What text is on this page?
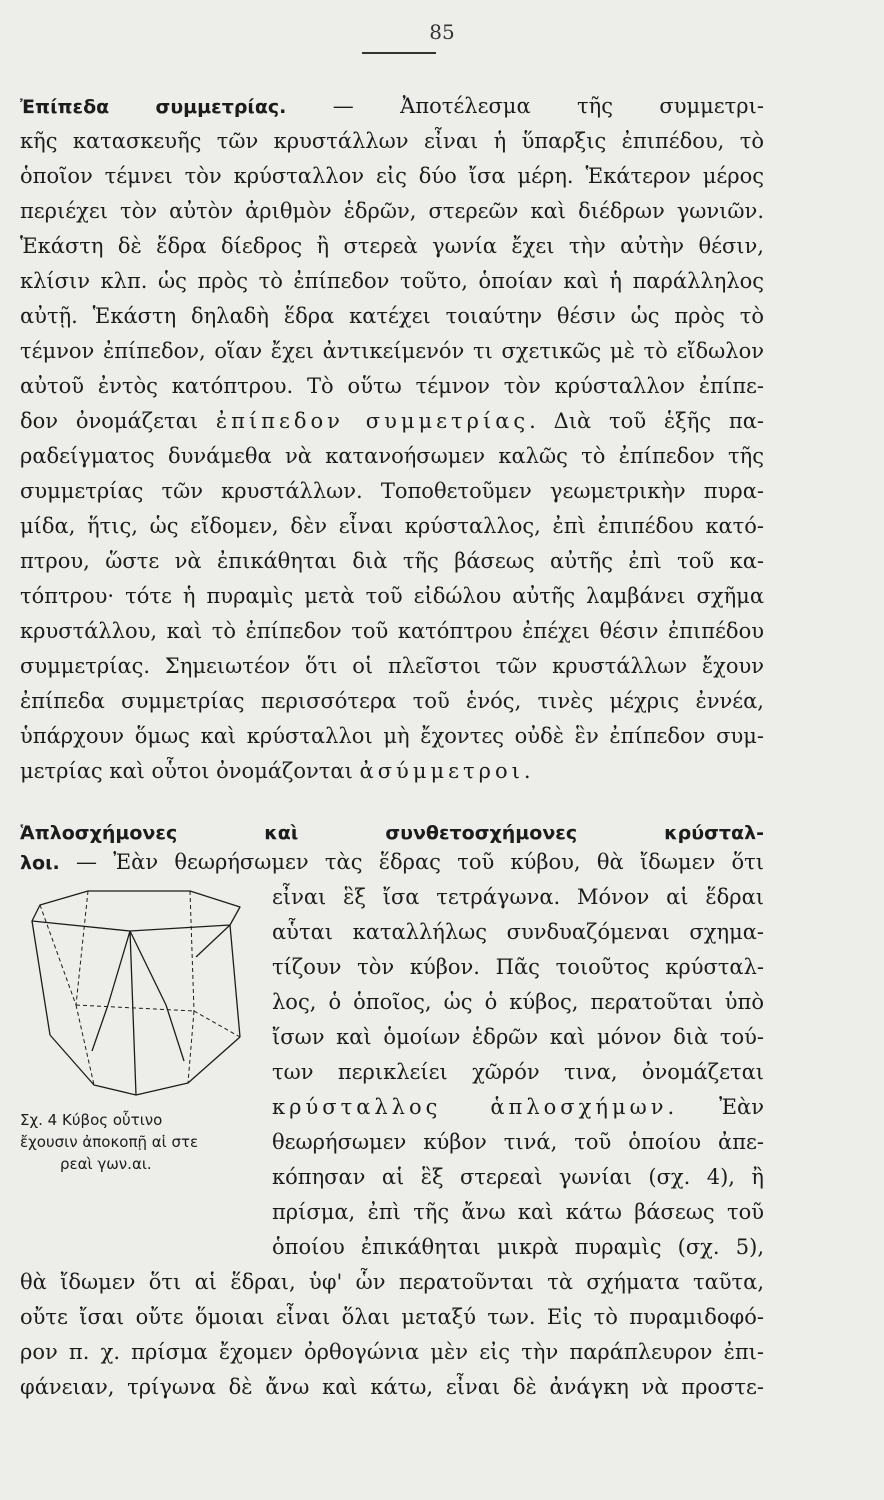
85
Ἐπίπεδα συμμετρίας. — Ἀποτέλεσμα τῆς συμμετρι-
κῆς κατασκευῆς τῶν κρυστάλλων εἶναι ἡ ὕπαρξις ἐπιπέδου, τὸ
ὁποῖον τέμνει τὸν κρύσταλλον εἰς δύο ἴσα μέρη. Ἑκάτερον μέρος
περιέχει τὸν αὐτὸν ἀριθμὸν ἑδρῶν, στερεῶν καὶ διέδρων γωνιῶν.
Ἑκάστη δὲ ἕδρα δίεδρος ἢ στερεὰ γωνία ἔχει τὴν αὐτὴν θέσιν,
κλίσιν κλπ. ὡς πρὸς τὸ ἐπίπεδον τοῦτο, ὁποίαν καὶ ἡ παράλληλος
αὐτῇ. Ἑκάστη δηλαδὴ ἕδρα κατέχει τοιαύτην θέσιν ὡς πρὸς τὸ
τέμνον ἐπίπεδον, οἵαν ἔχει ἀντικείμενόν τι σχετικῶς μὲ τὸ εἴδωλον
αὐτοῦ ἐντὸς κατόπτρου. Τὸ οὕτω τέμνον τὸν κρύσταλλον ἐπίπε-
δον ὀνομάζεται ἐπίπεδον συμμετρίας. Διὰ τοῦ ἑξῆς πα-
ραδείγματος δυνάμεθα νὰ κατανοήσωμεν καλῶς τὸ ἐπίπεδον τῆς
συμμετρίας τῶν κρυστάλλων. Τοποθετοῦμεν γεωμετρικὴν πυρα-
μίδα, ἥτις, ὡς εἴδομεν, δὲν εἶναι κρύσταλλος, ἐπὶ ἐπιπέδου κατό-
πτρου, ὥστε νὰ ἐπικάθηται διὰ τῆς βάσεως αὐτῆς ἐπὶ τοῦ κα-
τόπτρου· τότε ἡ πυραμὶς μετὰ τοῦ εἰδώλου αὐτῆς λαμβάνει σχῆμα
κρυστάλλου, καὶ τὸ ἐπίπεδον τοῦ κατόπτρου ἐπέχει θέσιν ἐπιπέδου
συμμετρίας. Σημειωτέον ὅτι οἱ πλεῖστοι τῶν κρυστάλλων ἔχουν
ἐπίπεδα συμμετρίας περισσότερα τοῦ ἑνός, τινὲς μέχρις ἐννέα,
ὑπάρχουν ὅμως καὶ κρύσταλλοι μὴ ἔχοντες οὐδὲ ἓν ἐπίπεδον συμ-
μετρίας καὶ οὗτοι ὀνομάζονται ἀσύμμετροι.
Ἁπλοσχήμονες καὶ συνθετοσχήμονες κρύσταλ-
λοι. — Ἐὰν θεωρήσωμεν τὰς ἕδρας τοῦ κύβου, θὰ ἴδωμεν ὅτι
εἶναι ἓξ ἴσα τετράγωνα. Μόνον αἱ ἕδραι
αὗται καταλλήλως συνδυαζόμεναι σχημα-
τίζουν τὸν κύβον. Πᾶς τοιοῦτος κρύσταλ-
λος, ὁ ὁποῖος, ὡς ὁ κύβος, περατοῦται ὑπὸ
ἴσων καὶ ὁμοίων ἑδρῶν καὶ μόνον διὰ τού-
των περικλείει χῶρόν τινα, ὀνομάζεται
κρύσταλλος ἁπλοσχήμων. Ἐὰν
θεωρήσωμεν κύβον τινά, τοῦ ὁποίου ἀπε-
κόπησαν αἱ ἓξ στερεαὶ γωνίαι (σχ. 4), ἢ
πρίσμα, ἐπὶ τῆς ἄνω καὶ κάτω βάσεως τοῦ
ὁποίου ἐπικάθηται μικρὰ πυραμὶς (σχ. 5),
θὰ ἴδωμεν ὅτι αἱ ἕδραι, ὑφ' ὧν περατοῦνται τὰ σχήματα ταῦτα,
οὔτε ἴσαι οὔτε ὅμοιαι εἶναι ὅλαι μεταξύ των. Εἰς τὸ πυραμιδοφό-
ρον π. χ. πρίσμα ἔχομεν ὀρθογώνια μὲν εἰς τὴν παράπλευρον ἐπι-
φάνειαν, τρίγωνα δὲ ἄνω καὶ κάτω, εἶναι δὲ ἀνάγκη νὰ προστε-
Σχ. 4 Κύβος οὗτινο
ἔχουσιν ἀποκοπῇ αἱ στε
ρεαὶ γων.αι.
